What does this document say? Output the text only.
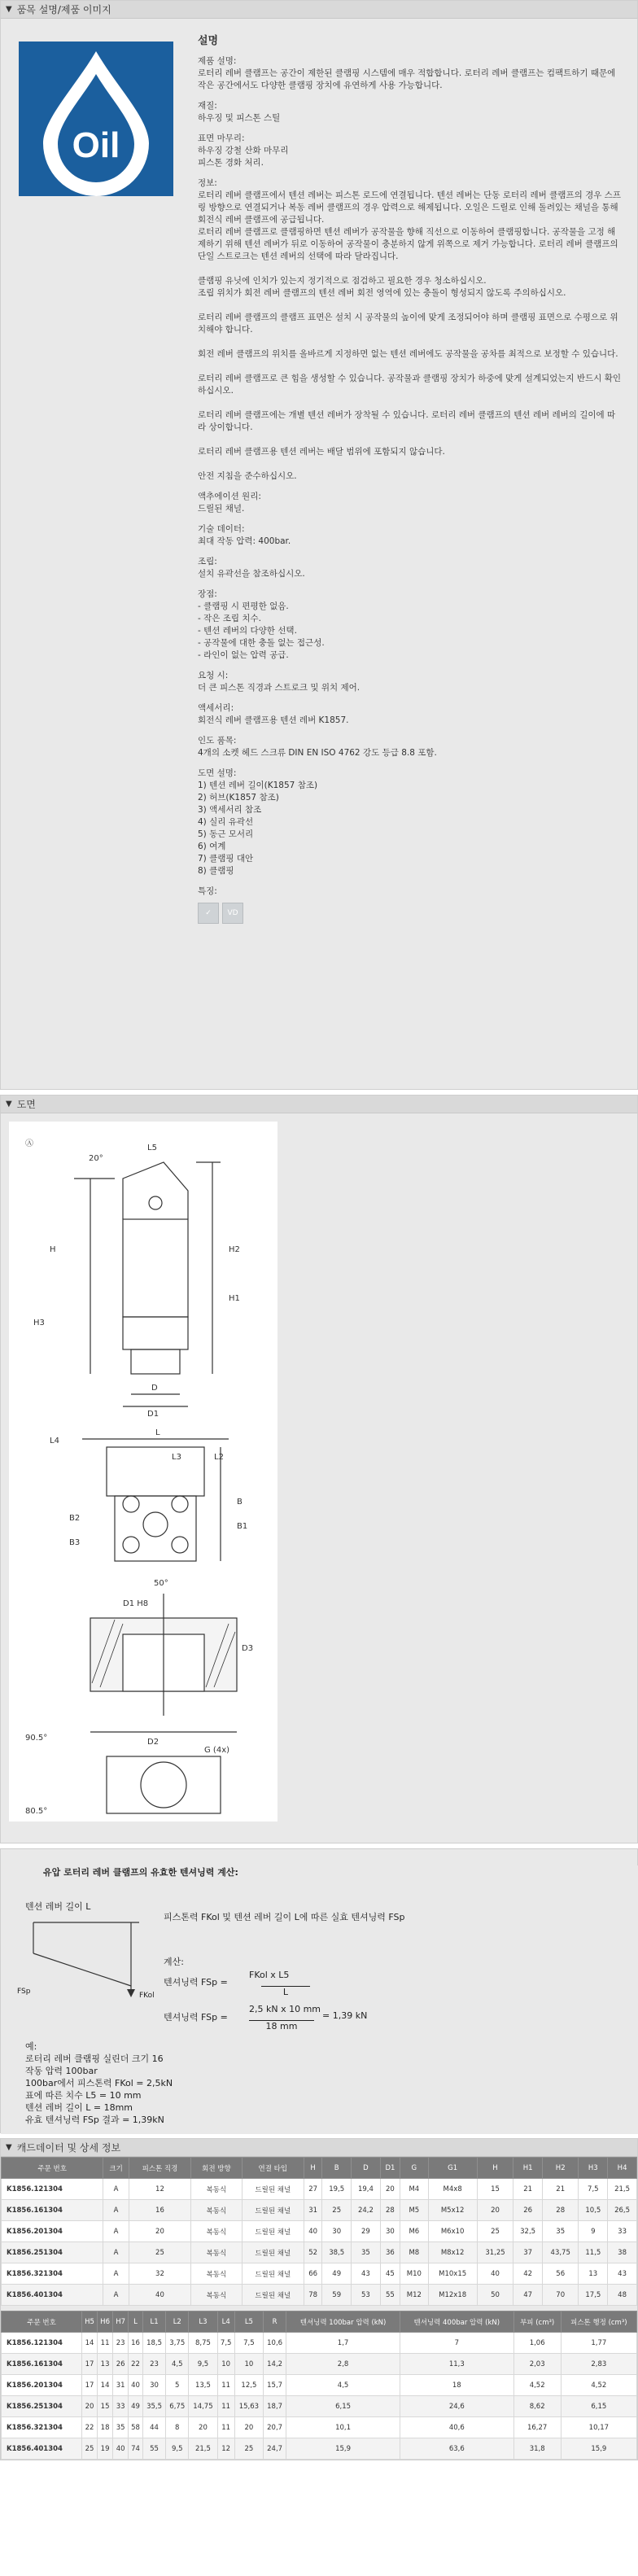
▼ 품목 설명/제품 이미지
Oil
설명
제품 설명:
로터리 레버 클램프는 공간이 제한된 클램핑 시스템에 매우 적합합니다. 로터리 레버 클램프는 컴팩트하기 때문에 작은 공간에서도 다양한 클램핑 장치에 유연하게 사용 가능합니다.
재질:
하우징 및 피스톤 스틸
표면 마무리:
하우징 강철 산화 마무리
피스톤 경화 처리.
정보:
로터리 레버 클램프에서 텐션 레버는 피스톤 로드에 연결됩니다. 텐션 레버는 단동 로터리 레버 클램프의 경우 스프링 방향으로 연결되거나 복동 레버 클램프의 경우 압력으로 해제됩니다. 오일은 드릴로 인해 돌려있는 채널을 통해 회전식 레버 클램프에 공급됩니다.
로터리 레버 클램프로 클램핑하면 텐션 레버가 공작물을 향해 직선으로 이동하여 클램핑합니다. 공작물을 고정 해제하기 위해 텐션 레버가 뒤로 이동하여 공작물이 충분하지 않게 위쪽으로 제거 가능합니다. 로터리 레버 클램프의 단일 스트로크는 텐션 레버의 선택에 따라 달라집니다.

클램핑 유닛에 인치가 있는지 정기적으로 점검하고 필요한 경우 청소하십시오.
조립 위치가 회전 레버 클램프의 텐션 레버 회전 영역에 있는 충돌이 형성되지 않도록 주의하십시오.

로터리 레버 클램프의 클램프 표면은 설치 시 공작물의 높이에 맞게 조정되어야 하며 클램핑 표면으로 수평으로 위치해야 합니다.

회전 레버 클램프의 위치를 올바르게 지정하면 없는 텐션 레버에도 공작물을 공차를 최적으로 보정할 수 있습니다.

로터리 레버 클램프로 큰 힘을 생성할 수 있습니다. 공작물과 클램핑 장치가 하중에 맞게 설계되었는지 반드시 확인하십시오.

로터리 레버 클램프에는 개별 텐션 레버가 장착될 수 있습니다. 로터리 레버 클램프의 텐션 레버 레버의 길이에 따라 상이합니다.

로터리 레버 클램프용 텐션 레버는 배달 범위에 포함되지 않습니다.

안전 지침을 준수하십시오.
액추에이션 원리:
드릴된 채널.
기술 데이터:
최대 작동 압력: 400bar.
조립:
설치 유곽선을 참조하십시오.
장점:
- 클램핑 시 편평한 없음.
- 작은 조립 치수.
- 텐션 레버의 다양한 선택.
- 공작물에 대한 충돌 없는 접근성.
- 라인이 없는 압력 공급.
요청 시:
더 큰 피스톤 직경과 스트로크 및 위치 제어.
액세서리:
회전식 레버 클램프용 텐션 레버 K1857.
인도 품목:
4개의 소켓 헤드 스크류 DIN EN ISO 4762 강도 등급 8.8 포함.
도면 설명:
1) 텐션 레버 길이(K1857 참조)
2) 허브(K1857 참조)
3) 액세서리 참조
4) 실리 유곽선
5) 동근 모서리
6) 여계
7) 클램핑 대안
8) 클램핑
특징:
✓	VD
▼ 도면
Ⓐ	L5
20°
H
H1
H2
H3
D
D1
L4
L
L3	L2
B
B1
B2
B3
50°
D1 H8
D2
D3
G (4x)
90.5°
80.5°
유압 로터리 레버 클램프의 유효한 텐셔닝력 계산:
텐션 레버 길이 L
FSp	FKol
피스톤력 FKol 및 텐션 레버 길이 L에 따른 실효 텐셔닝력 FSp
계산:
텐셔닝력 FSp =
FKol x L5
L
텐셔닝력 FSp =
2,5 kN x 10 mm
18 mm
= 1,39 kN
예:
로터리 레버 클램핑 실린더 크기 16
작동 압력 100bar
100bar에서 피스톤력 FKol = 2,5kN
표에 따른 치수 L5 = 10 mm
텐션 레버 길이 L = 18mm
유효 텐셔닝력 FSp 결과 = 1,39kN
▼ 캐드데이터 및 상세 정보
주문 번호	크기	피스톤 직경	회전 방향	연결 타입	H	B	D	D1	G	G1	H	H1	H2	H3	H4
K1856.121304	A	12	복동식	드릴된 채널	27	19,5	19,4	20	M4	M4x8	15	21	21	7,5	21,5
K1856.161304	A	16	복동식	드릴된 채널	31	25	24,2	28	M5	M5x12	20	26	28	10,5	26,5
K1856.201304	A	20	복동식	드릴된 채널	40	30	29	30	M6	M6x10	25	32,5	35	9	33
K1856.251304	A	25	복동식	드릴된 채널	52	38,5	35	36	M8	M8x12	31,25	37	43,75	11,5	38
K1856.321304	A	32	복동식	드릴된 채널	66	49	43	45	M10	M10x15	40	42	56	13	43
K1856.401304	A	40	복동식	드릴된 채널	78	59	53	55	M12	M12x18	50	47	70	17,5	48
주문 번호	H5	H6	H7	L	L1	L2	L3	L4	L5	R	텐셔닝력 100bar 압력 (kN)	텐셔닝력 400bar 압력 (kN)	부피 (cm³)	피스톤 행정 (cm³)
K1856.121304	14	11	23	16	18,5	3,75	8,75	7,5	7,5	10,6	1,7	7	1,06	1,77
K1856.161304	17	13	26	22	23	4,5	9,5	10	10	14,2	2,8	11,3	2,03	2,83
K1856.201304	17	14	31	40	30	5	13,5	11	12,5	15,7	4,5	18	4,52	4,52
K1856.251304	20	15	33	49	35,5	6,75	14,75	11	15,63	18,7	6,15	24,6	8,62	6,15
K1856.321304	22	18	35	58	44	8	20	11	20	20,7	10,1	40,6	16,27	10,17
K1856.401304	25	19	40	74	55	9,5	21,5	12	25	24,7	15,9	63,6	31,8	15,9
